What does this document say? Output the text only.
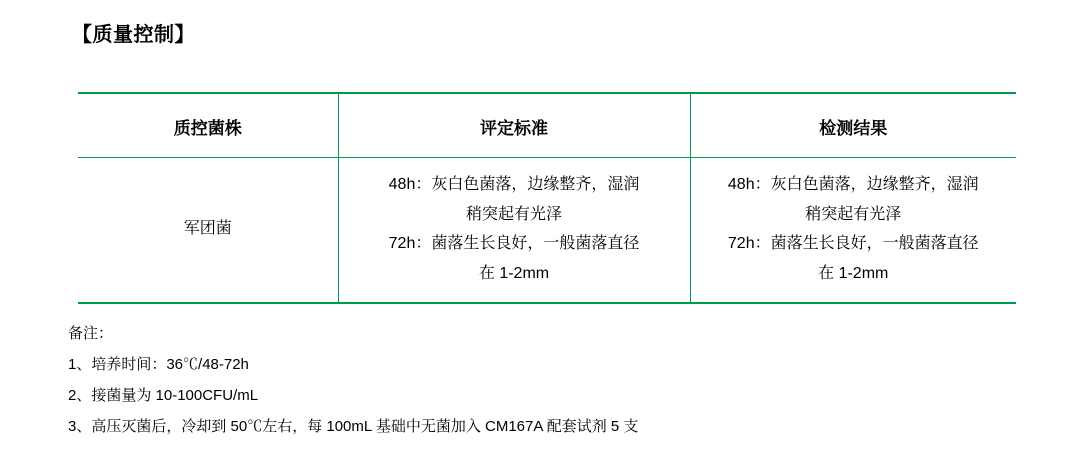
【质量控制】
质控菌株	评定标准	检测结果
军团菌	48h：灰白色菌落，边缘整齐，湿润
稍突起有光泽
72h：菌落生长良好，一般菌落直径
在 1-2mm	48h：灰白色菌落，边缘整齐，湿润
稍突起有光泽
72h：菌落生长良好，一般菌落直径
在 1-2mm
备注：
1、培养时间：36℃/48-72h
2、接菌量为 10-100CFU/mL
3、高压灭菌后，冷却到 50℃左右，每 100mL 基础中无菌加入 CM167A 配套试剂 5 支
